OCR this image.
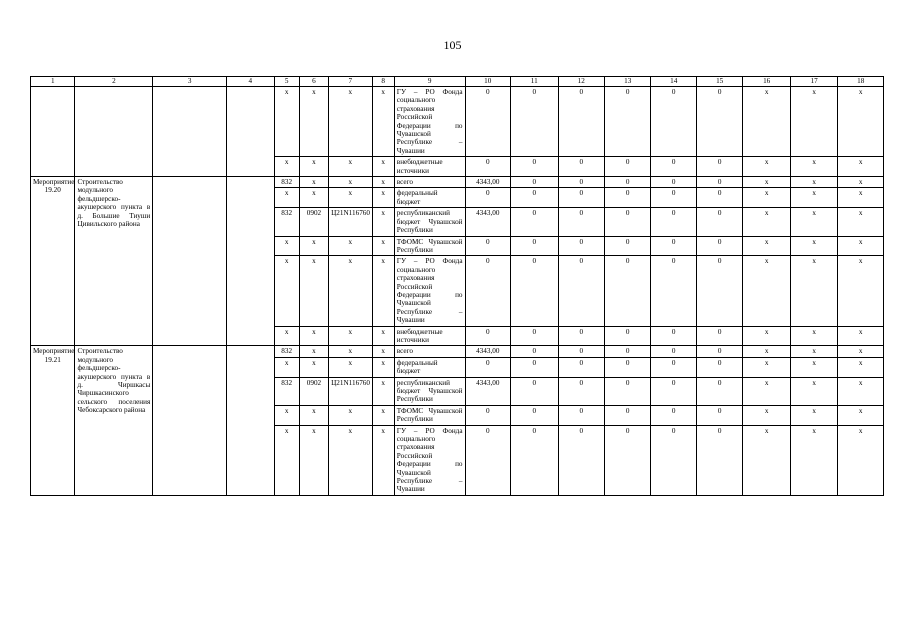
105
1	2	3	4	5	6	7	8	9	10	11	12	13	14	15	16	17	18
				х	х	х	х	ГУ – РО Фонда социального страхования Российской Федерации по Чувашской Республике – Чувашии	0	0	0	0	0	0	х	х	х
				х	х	х	х	внебюджетные источники	0	0	0	0	0	0	х	х	х
Мероприятие 19.20	Строительство модульного фельдшерско-акушерского пункта в д. Большие Тиуши Цивильского района			832	х	х	х	всего	4343,00	0	0	0	0	0	х	х	х
				х	х	х	х	федеральный бюджет	0	0	0	0	0	0	х	х	х
				832	0902	Ц21N116760	х	республиканский бюджет Чувашской Республики	4343,00	0	0	0	0	0	х	х	х
				х	х	х	х	ТФОМС Чувашской Республики	0	0	0	0	0	0	х	х	х
				х	х	х	х	ГУ – РО Фонда социального страхования Российской Федерации по Чувашской Республике – Чувашии	0	0	0	0	0	0	х	х	х
				х	х	х	х	внебюджетные источники	0	0	0	0	0	0	х	х	х
Мероприятие 19.21	Строительство модульного фельдшерско-акушерского пункта в д. Чиршкасы Чиршкасинского сельского поселения Чебоксарского района			832	х	х	х	всего	4343,00	0	0	0	0	0	х	х	х
				х	х	х	х	федеральный бюджет	0	0	0	0	0	0	х	х	х
				832	0902	Ц21N116760	х	республиканский бюджет Чувашской Республики	4343,00	0	0	0	0	0	х	х	х
				х	х	х	х	ТФОМС Чувашской Республики	0	0	0	0	0	0	х	х	х
				х	х	х	х	ГУ – РО Фонда социального страхования Российской Федерации по Чувашской Республике – Чувашии	0	0	0	0	0	0	х	х	х
